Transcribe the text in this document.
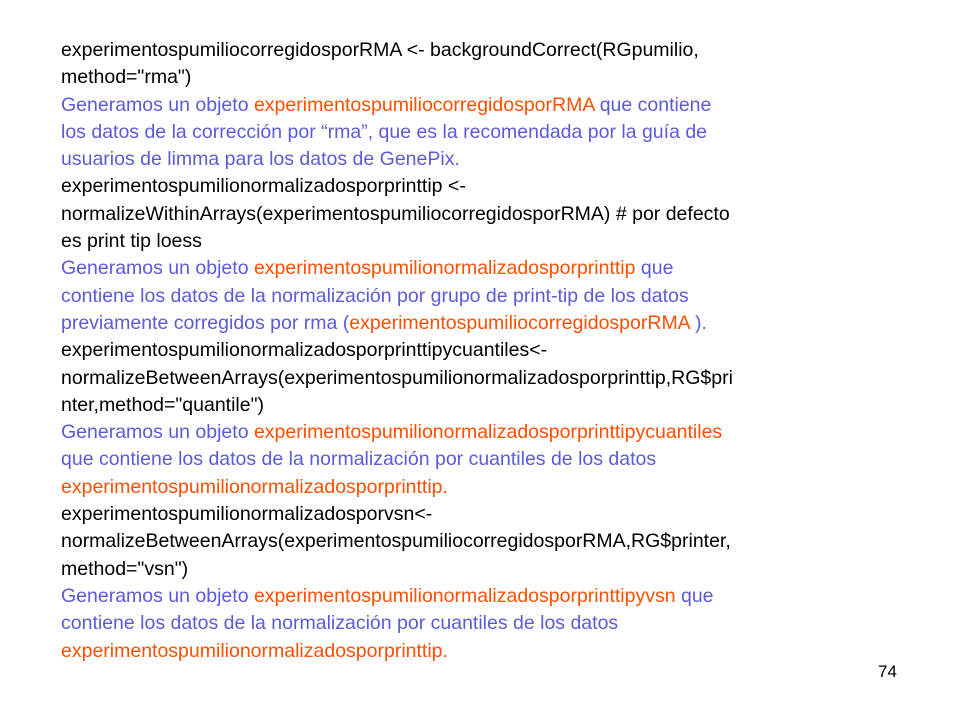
experimentospumiliocorregidosporRMA <- backgroundCorrect(RGpumilio,
method="rma")
Generamos un objeto experimentospumiliocorregidosporRMA que contiene
los datos de la corrección por “rma”, que es la recomendada por la guía de
usuarios de limma para los datos de GenePix.
experimentospumilionormalizadosporprinttip <-
normalizeWithinArrays(experimentospumiliocorregidosporRMA) # por defecto
es print tip loess
Generamos un objeto experimentospumilionormalizadosporprinttip que
contiene los datos de la normalización por grupo de print-tip de los datos
previamente corregidos por rma (experimentospumiliocorregidosporRMA ).
experimentospumilionormalizadosporprinttipycuantiles<-
normalizeBetweenArrays(experimentospumilionormalizadosporprinttip,RG$pri
nter,method="quantile")
Generamos un objeto experimentospumilionormalizadosporprinttipycuantiles
que contiene los datos de la normalización por cuantiles de los datos
experimentospumilionormalizadosporprinttip.
experimentospumilionormalizadosporvsn<-
normalizeBetweenArrays(experimentospumiliocorregidosporRMA,RG$printer,
method="vsn")
Generamos un objeto experimentospumilionormalizadosporprinttipyvsn que
contiene los datos de la normalización por cuantiles de los datos
experimentospumilionormalizadosporprinttip.
74
